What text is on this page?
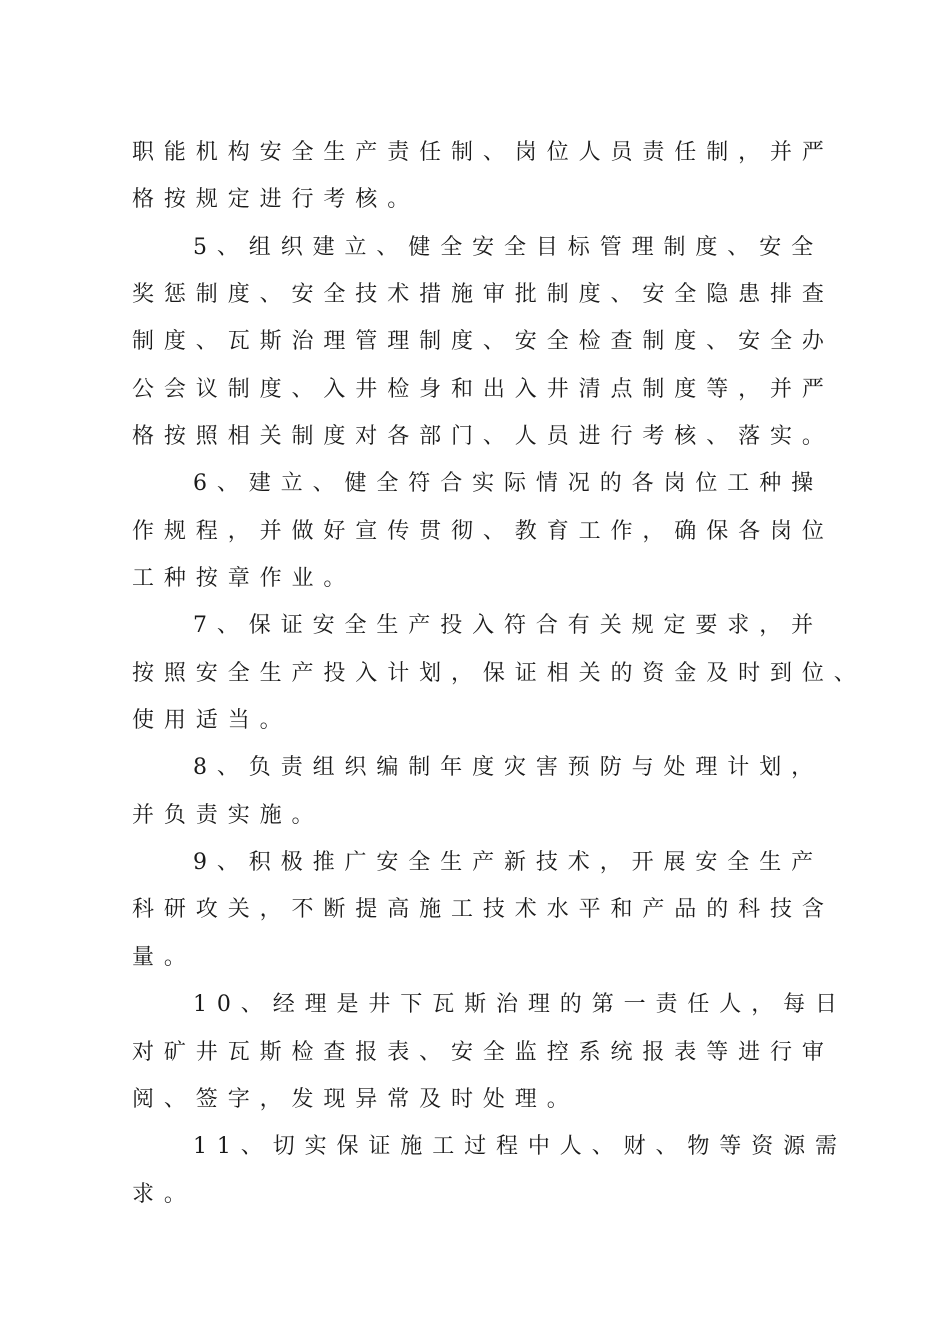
职能机构安全生产责任制、岗位人员责任制，并严
格按规定进行考核。
5、组织建立、健全安全目标管理制度、安全
奖惩制度、安全技术措施审批制度、安全隐患排查
制度、瓦斯治理管理制度、安全检查制度、安全办
公会议制度、入井检身和出入井清点制度等，并严
格按照相关制度对各部门、人员进行考核、落实。
6、建立、健全符合实际情况的各岗位工种操
作规程，并做好宣传贯彻、教育工作，确保各岗位
工种按章作业。
7、保证安全生产投入符合有关规定要求，并
按照安全生产投入计划，保证相关的资金及时到位、
使用适当。
8、负责组织编制年度灾害预防与处理计划，
并负责实施。
9、积极推广安全生产新技术，开展安全生产
科研攻关，不断提高施工技术水平和产品的科技含
量。
10、经理是井下瓦斯治理的第一责任人，每日
对矿井瓦斯检查报表、安全监控系统报表等进行审
阅、签字，发现异常及时处理。
11、切实保证施工过程中人、财、物等资源需
求。
